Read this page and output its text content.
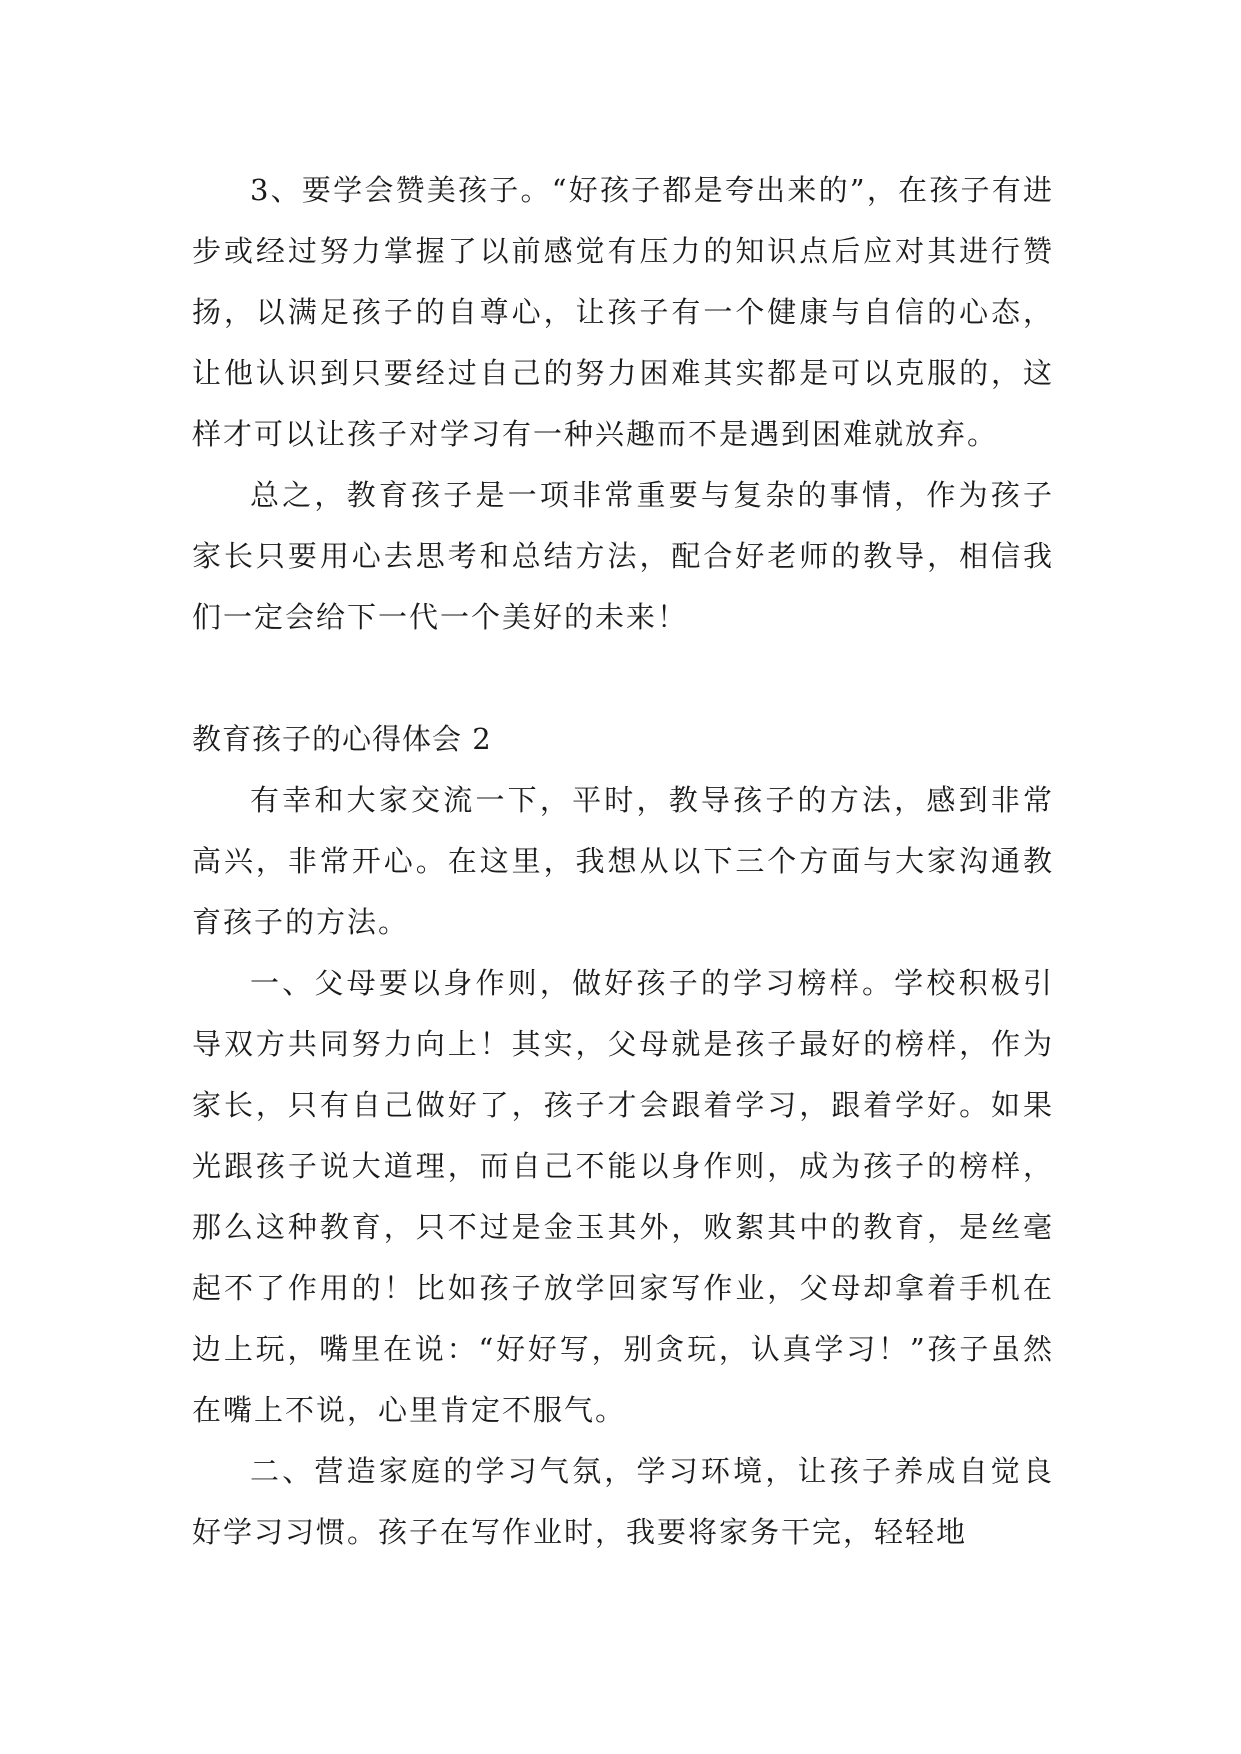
3、要学会赞美孩子。“好孩子都是夸出来的”，在孩子有进步或经过努力掌握了以前感觉有压力的知识点后应对其进行赞扬，以满足孩子的自尊心，让孩子有一个健康与自信的心态，让他认识到只要经过自己的努力困难其实都是可以克服的，这样才可以让孩子对学习有一种兴趣而不是遇到困难就放弃。

总之，教育孩子是一项非常重要与复杂的事情，作为孩子家长只要用心去思考和总结方法，配合好老师的教导，相信我们一定会给下一代一个美好的未来！

教育孩子的心得体会 2

有幸和大家交流一下，平时，教导孩子的方法，感到非常高兴，非常开心。在这里，我想从以下三个方面与大家沟通教育孩子的方法。

一、父母要以身作则，做好孩子的学习榜样。学校积极引导双方共同努力向上！其实，父母就是孩子最好的榜样，作为家长，只有自己做好了，孩子才会跟着学习，跟着学好。如果光跟孩子说大道理，而自己不能以身作则，成为孩子的榜样，那么这种教育，只不过是金玉其外，败絮其中的教育，是丝毫起不了作用的！比如孩子放学回家写作业，父母却拿着手机在边上玩，嘴里在说：“好好写，别贪玩，认真学习！”孩子虽然在嘴上不说，心里肯定不服气。

二、营造家庭的学习气氛，学习环境，让孩子养成自觉良好学习习惯。孩子在写作业时，我要将家务干完，轻轻地
